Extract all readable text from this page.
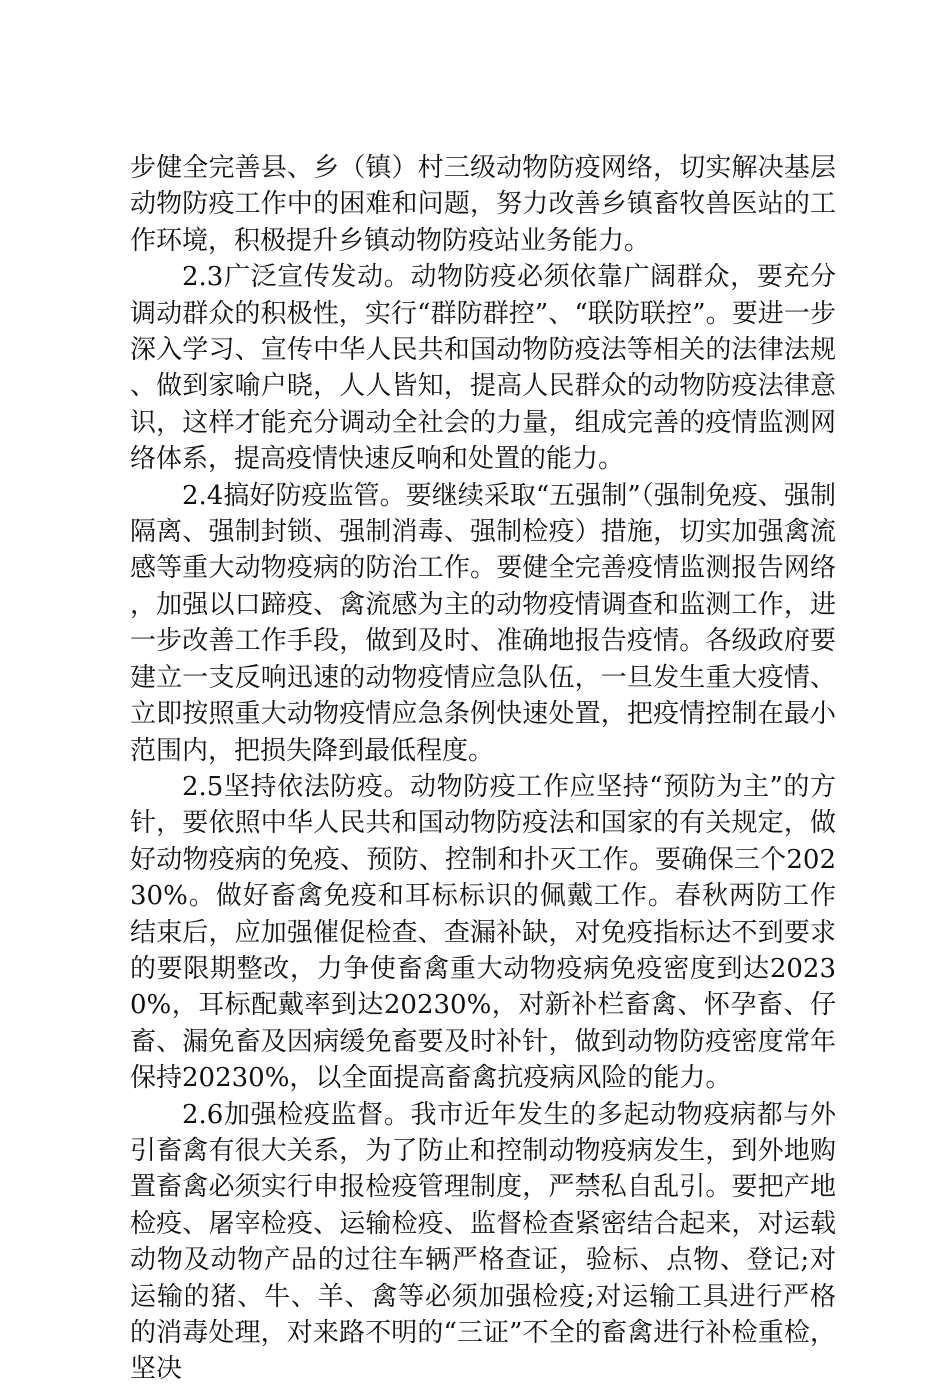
步健全完善县、乡（镇）村三级动物防疫网络，切实解决基层动物防疫工作中的困难和问题，努力改善乡镇畜牧兽医站的工作环境，积极提升乡镇动物防疫站业务能力。

2.3广泛宣传发动。动物防疫必须依靠广阔群众，要充分调动群众的积极性，实行“群防群控”、“联防联控”。要进一步深入学习、宣传中华人民共和国动物防疫法等相关的法律法规、做到家喻户晓，人人皆知，提高人民群众的动物防疫法律意识，这样才能充分调动全社会的力量，组成完善的疫情监测网络体系，提高疫情快速反响和处置的能力。

2.4搞好防疫监管。要继续采取“五强制”（强制免疫、强制隔离、强制封锁、强制消毒、强制检疫）措施，切实加强禽流感等重大动物疫病的防治工作。要健全完善疫情监测报告网络，加强以口蹄疫、禽流感为主的动物疫情调查和监测工作，进一步改善工作手段，做到及时、准确地报告疫情。各级政府要建立一支反响迅速的动物疫情应急队伍，一旦发生重大疫情、立即按照重大动物疫情应急条例快速处置，把疫情控制在最小范围内，把损失降到最低程度。

2.5坚持依法防疫。动物防疫工作应坚持“预防为主”的方针，要依照中华人民共和国动物防疫法和国家的有关规定，做好动物疫病的免疫、预防、控制和扑灭工作。要确保三个20230%。做好畜禽免疫和耳标标识的佩戴工作。春秋两防工作结束后，应加强催促检查、查漏补缺，对免疫指标达不到要求的要限期整改，力争使畜禽重大动物疫病免疫密度到达20230%，耳标配戴率到达20230%，对新补栏畜禽、怀孕畜、仔畜、漏免畜及因病缓免畜要及时补针，做到动物防疫密度常年保持20230%，以全面提高畜禽抗疫病风险的能力。

2.6加强检疫监督。我市近年发生的多起动物疫病都与外引畜禽有很大关系，为了防止和控制动物疫病发生，到外地购置畜禽必须实行申报检疫管理制度，严禁私自乱引。要把产地检疫、屠宰检疫、运输检疫、监督检查紧密结合起来，对运载动物及动物产品的过往车辆严格查证，验标、点物、登记;对运输的猪、牛、羊、禽等必须加强检疫;对运输工具进行严格的消毒处理，对来路不明的“三证”不全的畜禽进行补检重检，坚决
